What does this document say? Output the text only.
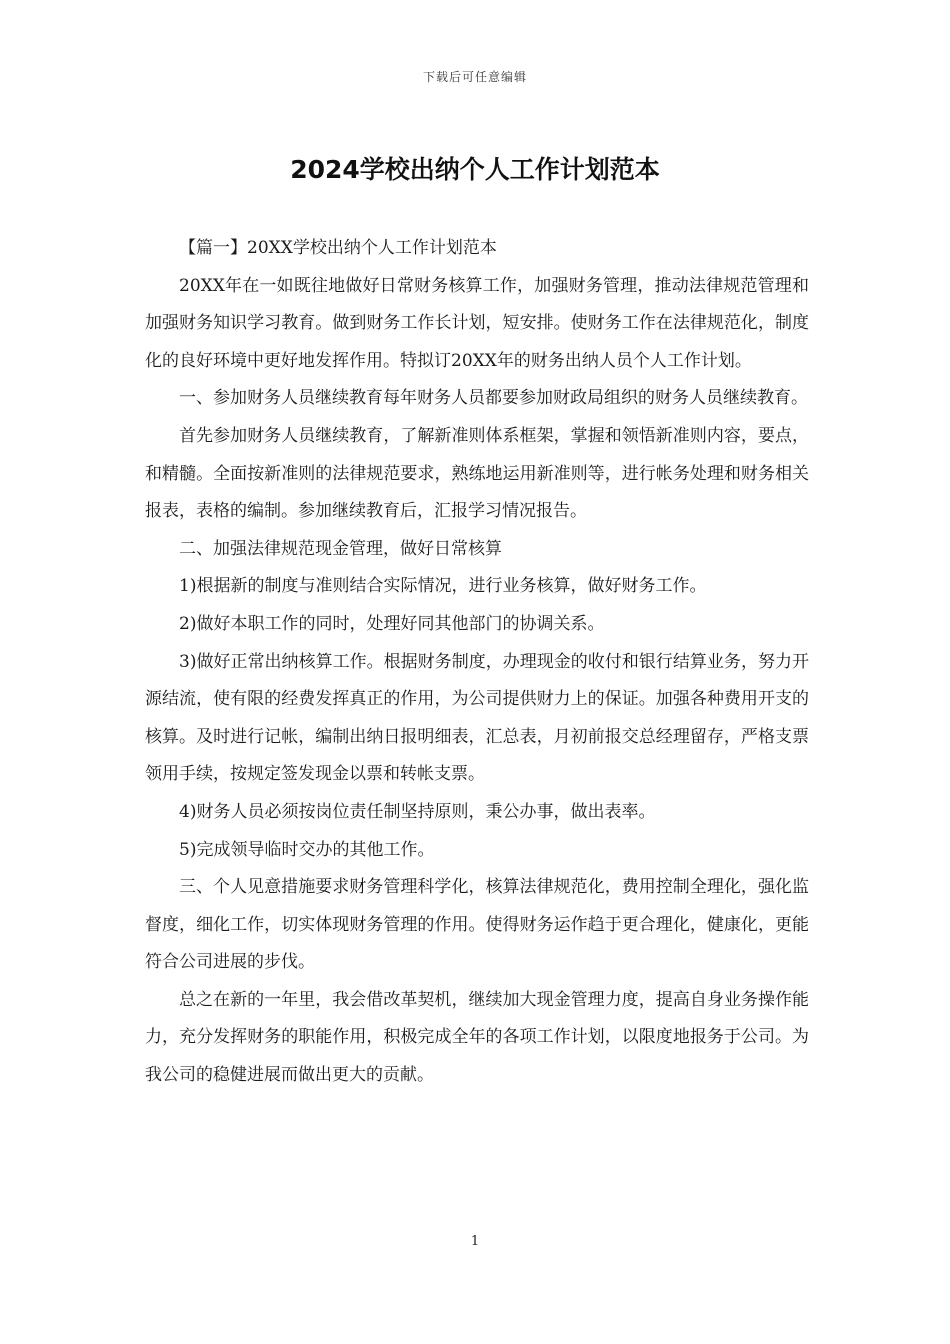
下载后可任意编辑
2024学校出纳个人工作计划范本

【篇一】20XX学校出纳个人工作计划范本

20XX年在一如既往地做好日常财务核算工作，加强财务管理，推动法律规范管理和加强财务知识学习教育。做到财务工作长计划，短安排。使财务工作在法律规范化，制度化的良好环境中更好地发挥作用。特拟订20XX年的财务出纳人员个人工作计划。

一、参加财务人员继续教育每年财务人员都要参加财政局组织的财务人员继续教育。

首先参加财务人员继续教育，了解新准则体系框架，掌握和领悟新准则内容，要点，和精髓。全面按新准则的法律规范要求，熟练地运用新准则等，进行帐务处理和财务相关报表，表格的编制。参加继续教育后，汇报学习情况报告。

二、加强法律规范现金管理，做好日常核算

1)根据新的制度与准则结合实际情况，进行业务核算，做好财务工作。

2)做好本职工作的同时，处理好同其他部门的协调关系。

3)做好正常出纳核算工作。根据财务制度，办理现金的收付和银行结算业务，努力开源结流，使有限的经费发挥真正的作用，为公司提供财力上的保证。加强各种费用开支的核算。及时进行记帐，编制出纳日报明细表，汇总表，月初前报交总经理留存，严格支票领用手续，按规定签发现金以票和转帐支票。

4)财务人员必须按岗位责任制坚持原则，秉公办事，做出表率。

5)完成领导临时交办的其他工作。

三、个人见意措施要求财务管理科学化，核算法律规范化，费用控制全理化，强化监督度，细化工作，切实体现财务管理的作用。使得财务运作趋于更合理化，健康化，更能符合公司进展的步伐。

总之在新的一年里，我会借改革契机，继续加大现金管理力度，提高自身业务操作能力，充分发挥财务的职能作用，积极完成全年的各项工作计划，以限度地报务于公司。为我公司的稳健进展而做出更大的贡献。

1
